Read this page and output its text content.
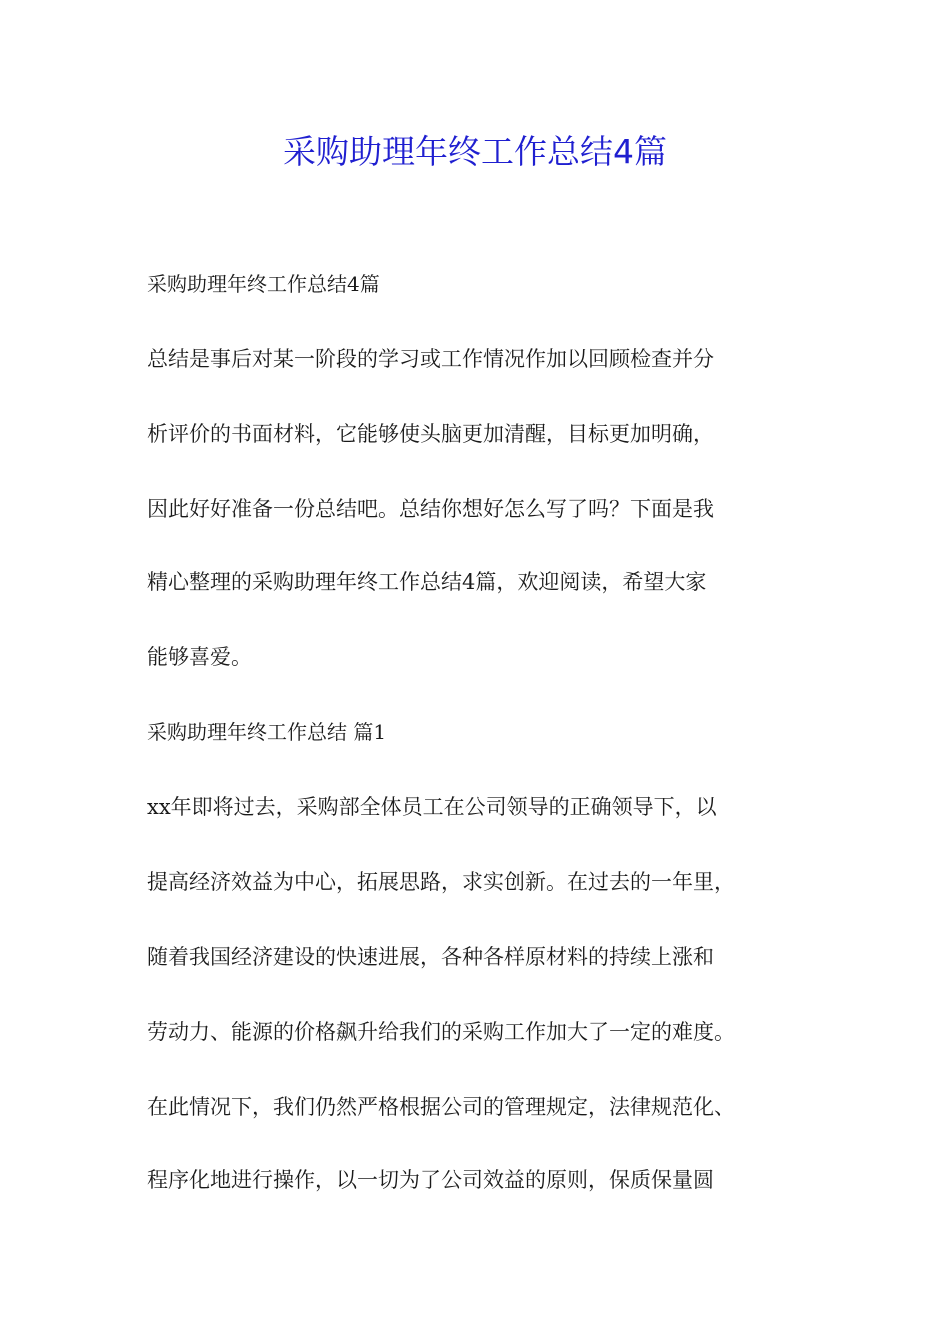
采购助理年终工作总结4篇

采购助理年终工作总结4篇

总结是事后对某一阶段的学习或工作情况作加以回顾检查并分

析评价的书面材料，它能够使头脑更加清醒，目标更加明确，

因此好好准备一份总结吧。总结你想好怎么写了吗？下面是我

精心整理的采购助理年终工作总结4篇，欢迎阅读，希望大家

能够喜爱。

采购助理年终工作总结 篇1

xx年即将过去，采购部全体员工在公司领导的正确领导下，以

提高经济效益为中心，拓展思路，求实创新。在过去的一年里，

随着我国经济建设的快速进展，各种各样原材料的持续上涨和

劳动力、能源的价格飙升给我们的采购工作加大了一定的难度。

在此情况下，我们仍然严格根据公司的管理规定，法律规范化、

程序化地进行操作，以一切为了公司效益的原则，保质保量圆
